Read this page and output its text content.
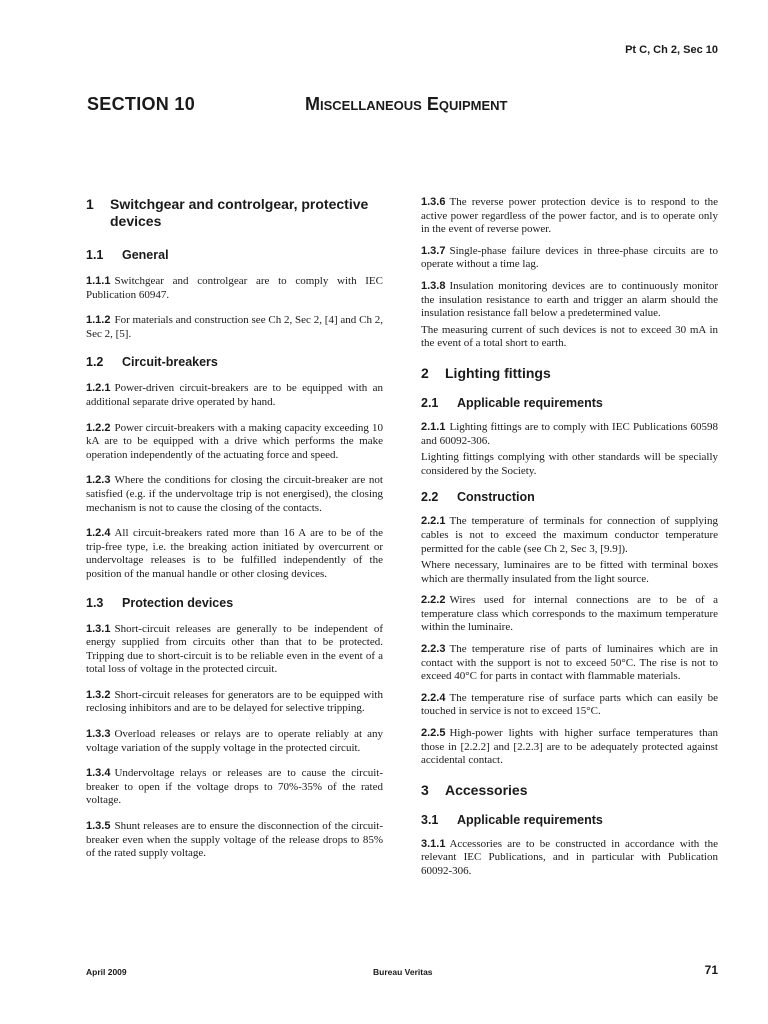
Pt C, Ch 2, Sec 10
SECTION 10	Miscellaneous Equipment
1	Switchgear and controlgear, protective devices
1.1	General

1.1.1 Switchgear and controlgear are to comply with IEC Publication 60947.

1.1.2 For materials and construction see Ch 2, Sec 2, [4] and Ch 2, Sec 2, [5].

1.2	Circuit-breakers

1.2.1 Power-driven circuit-breakers are to be equipped with an additional separate drive operated by hand.

1.2.2 Power circuit-breakers with a making capacity exceeding 10 kA are to be equipped with a drive which performs the make operation independently of the actuating force and speed.

1.2.3 Where the conditions for closing the circuit-breaker are not satisfied (e.g. if the undervoltage trip is not energised), the closing mechanism is not to cause the closing of the contacts.

1.2.4 All circuit-breakers rated more than 16 A are to be of the trip-free type, i.e. the breaking action initiated by overcurrent or undervoltage releases is to be fulfilled independently of the position of the manual handle or other closing devices.

1.3	Protection devices

1.3.1 Short-circuit releases are generally to be independent of energy supplied from circuits other than that to be protected. Tripping due to short-circuit is to be reliable even in the event of a total loss of voltage in the protected circuit.

1.3.2 Short-circuit releases for generators are to be equipped with reclosing inhibitors and are to be delayed for selective tripping.

1.3.3 Overload releases or relays are to operate reliably at any voltage variation of the supply voltage in the protected circuit.

1.3.4 Undervoltage relays or releases are to cause the circuit-breaker to open if the voltage drops to 70%-35% of the rated voltage.

1.3.5 Shunt releases are to ensure the disconnection of the circuit-breaker even when the supply voltage of the release drops to 85% of the rated supply voltage.

1.3.6 The reverse power protection device is to respond to the active power regardless of the power factor, and is to operate only in the event of reverse power.

1.3.7 Single-phase failure devices in three-phase circuits are to operate without a time lag.

1.3.8 Insulation monitoring devices are to continuously monitor the insulation resistance to earth and trigger an alarm should the insulation resistance fall below a predetermined value.

The measuring current of such devices is not to exceed 30 mA in the event of a total short to earth.

2	Lighting fittings
2.1	Applicable requirements

2.1.1 Lighting fittings are to comply with IEC Publications 60598 and 60092-306.

Lighting fittings complying with other standards will be specially considered by the Society.

2.2	Construction

2.2.1 The temperature of terminals for connection of supplying cables is not to exceed the maximum conductor temperature permitted for the cable (see Ch 2, Sec 3, [9.9]).

Where necessary, luminaires are to be fitted with terminal boxes which are thermally insulated from the light source.

2.2.2 Wires used for internal connections are to be of a temperature class which corresponds to the maximum temperature within the luminaire.

2.2.3 The temperature rise of parts of luminaires which are in contact with the support is not to exceed 50°C. The rise is not to exceed 40°C for parts in contact with flammable materials.

2.2.4 The temperature rise of surface parts which can easily be touched in service is not to exceed 15°C.

2.2.5 High-power lights with higher surface temperatures than those in [2.2.2] and [2.2.3] are to be adequately protected against accidental contact.

3	Accessories
3.1	Applicable requirements

3.1.1 Accessories are to be constructed in accordance with the relevant IEC Publications, and in particular with Publication 60092-306.

April 2009	Bureau Veritas	71
